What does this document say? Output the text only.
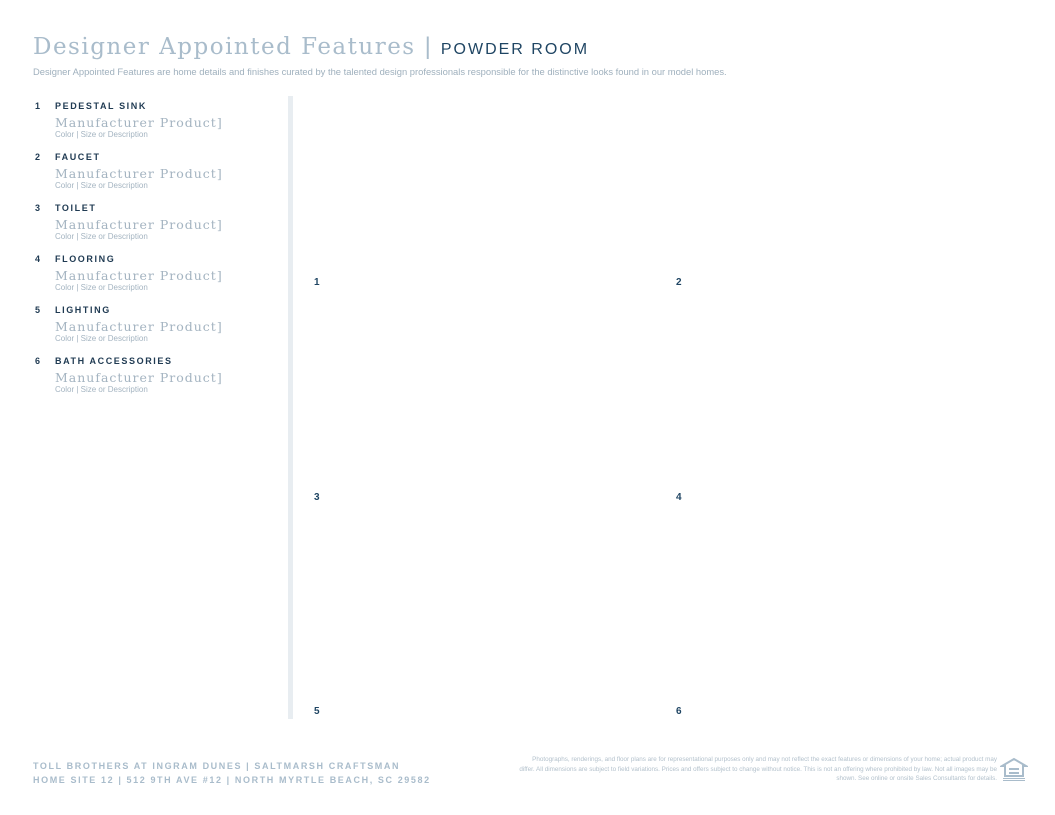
Designer Appointed Features | POWDER ROOM
Designer Appointed Features are home details and finishes curated by the talented design professionals responsible for the distinctive looks found in our model homes.
1	PEDESTAL SINK
Manufacturer Product]
Color | Size or Description
2	FAUCET
Manufacturer Product]
Color | Size or Description
3	TOILET
Manufacturer Product]
Color | Size or Description
4	FLOORING
Manufacturer Product]
Color | Size or Description
5	LIGHTING
Manufacturer Product]
Color | Size or Description
6	BATH ACCESSORIES
Manufacturer Product]
Color | Size or Description
1	2
3	4
5	6
TOLL BROTHERS AT INGRAM DUNES | SALTMARSH CRAFTSMAN
HOME SITE 12 | 512 9TH AVE #12 | NORTH MYRTLE BEACH, SC 29582
Photographs, renderings, and floor plans are for representational purposes only and may not reflect the exact features or dimensions of your home; actual product may differ. All dimensions are subject to field variations. Prices and offers subject to change without notice. This is not an offering where prohibited by law. Not all images may be shown. See online or onsite Sales Consultants for details.
